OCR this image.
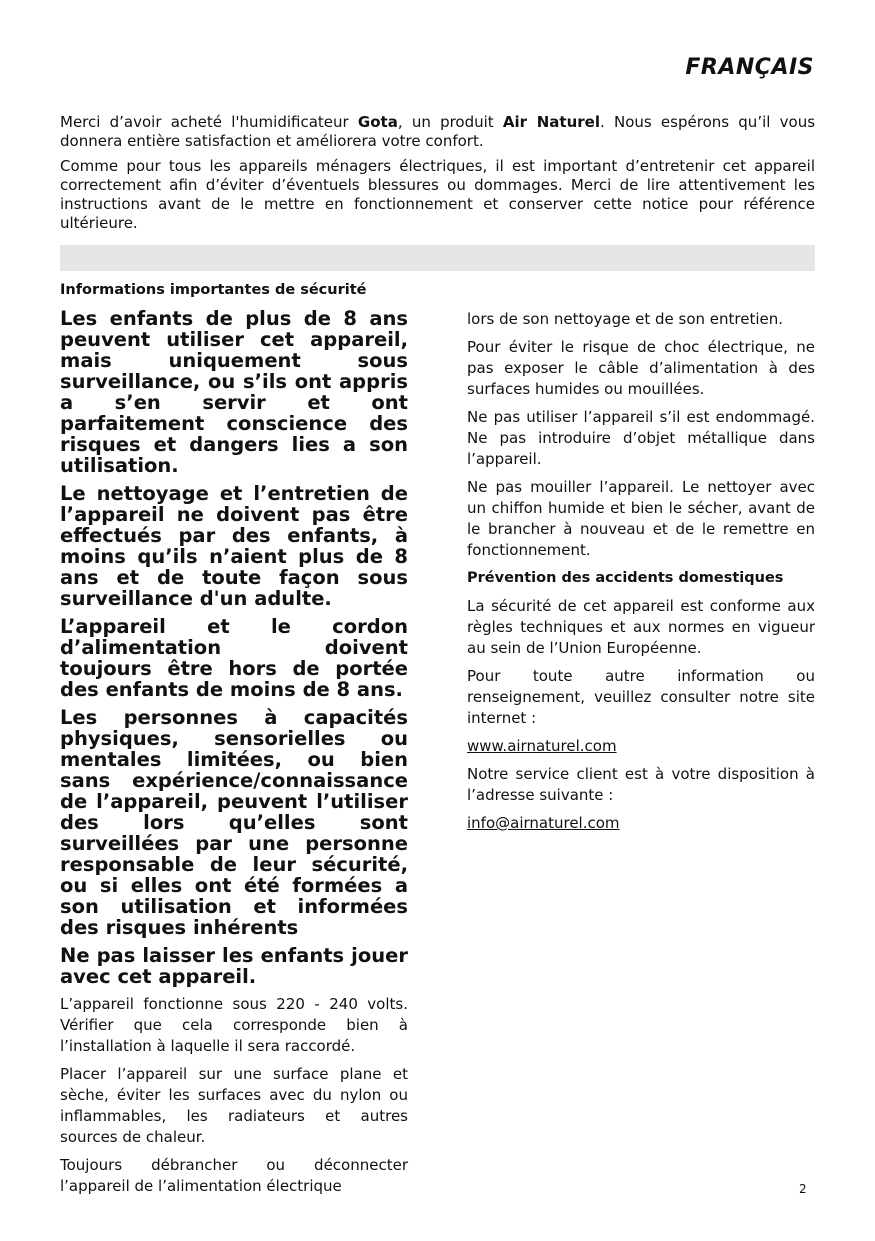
FRANÇAIS

Merci d’avoir acheté l'humidificateur Gota, un produit Air Naturel. Nous espérons qu’il vous donnera entière satisfaction et améliorera votre confort.

Comme pour tous les appareils ménagers électriques, il est important d’entretenir cet appareil correctement afin d’éviter d’éventuels blessures ou dommages. Merci de lire attentivement les instructions avant de le mettre en fonctionnement et conserver cette notice pour référence ultérieure.

Informations importantes de sécurité

Les enfants de plus de 8 ans peuvent utiliser cet appareil, mais uniquement sous surveillance, ou s’ils ont appris a s’en servir et ont parfaitement conscience des risques et dangers lies a son utilisation.

Le nettoyage et l’entretien de l’appareil ne doivent pas être effectués par des enfants, à moins qu’ils n’aient plus de 8 ans et de toute façon sous surveillance d'un adulte.

L’appareil et le cordon d’alimentation doivent toujours être hors de portée des enfants de moins de 8 ans.

Les personnes à capacités physiques, sensorielles ou mentales limitées, ou bien sans expérience/connaissance de l’appareil, peuvent l’utiliser des lors qu’elles sont surveillées par une personne responsable de leur sécurité, ou si elles ont été formées a son utilisation et informées des risques inhérents

Ne pas laisser les enfants jouer avec cet appareil.

L’appareil fonctionne sous 220 - 240 volts. Vérifier que cela corresponde bien à l’installation à laquelle il sera raccordé.

Placer l’appareil sur une surface plane et sèche, éviter les surfaces avec du nylon ou inflammables, les radiateurs et autres sources de chaleur.

Toujours débrancher ou déconnecter l’appareil de l’alimentation électrique

lors de son nettoyage et de son entretien.

Pour éviter le risque de choc électrique, ne pas exposer le câble d’alimentation à des surfaces humides ou mouillées.

Ne pas utiliser l’appareil s’il est endommagé. Ne pas introduire d’objet métallique dans l’appareil.

Ne pas mouiller l’appareil. Le nettoyer avec un chiffon humide et bien le sécher, avant de le brancher à nouveau et de le remettre en fonctionnement.

Prévention des accidents domestiques

La sécurité de cet appareil est conforme aux règles techniques et aux normes en vigueur au sein de l’Union Européenne.

Pour toute autre information ou renseignement, veuillez consulter notre site internet :

www.airnaturel.com

Notre service client est à votre disposition à l’adresse suivante :

info@airnaturel.com
2
